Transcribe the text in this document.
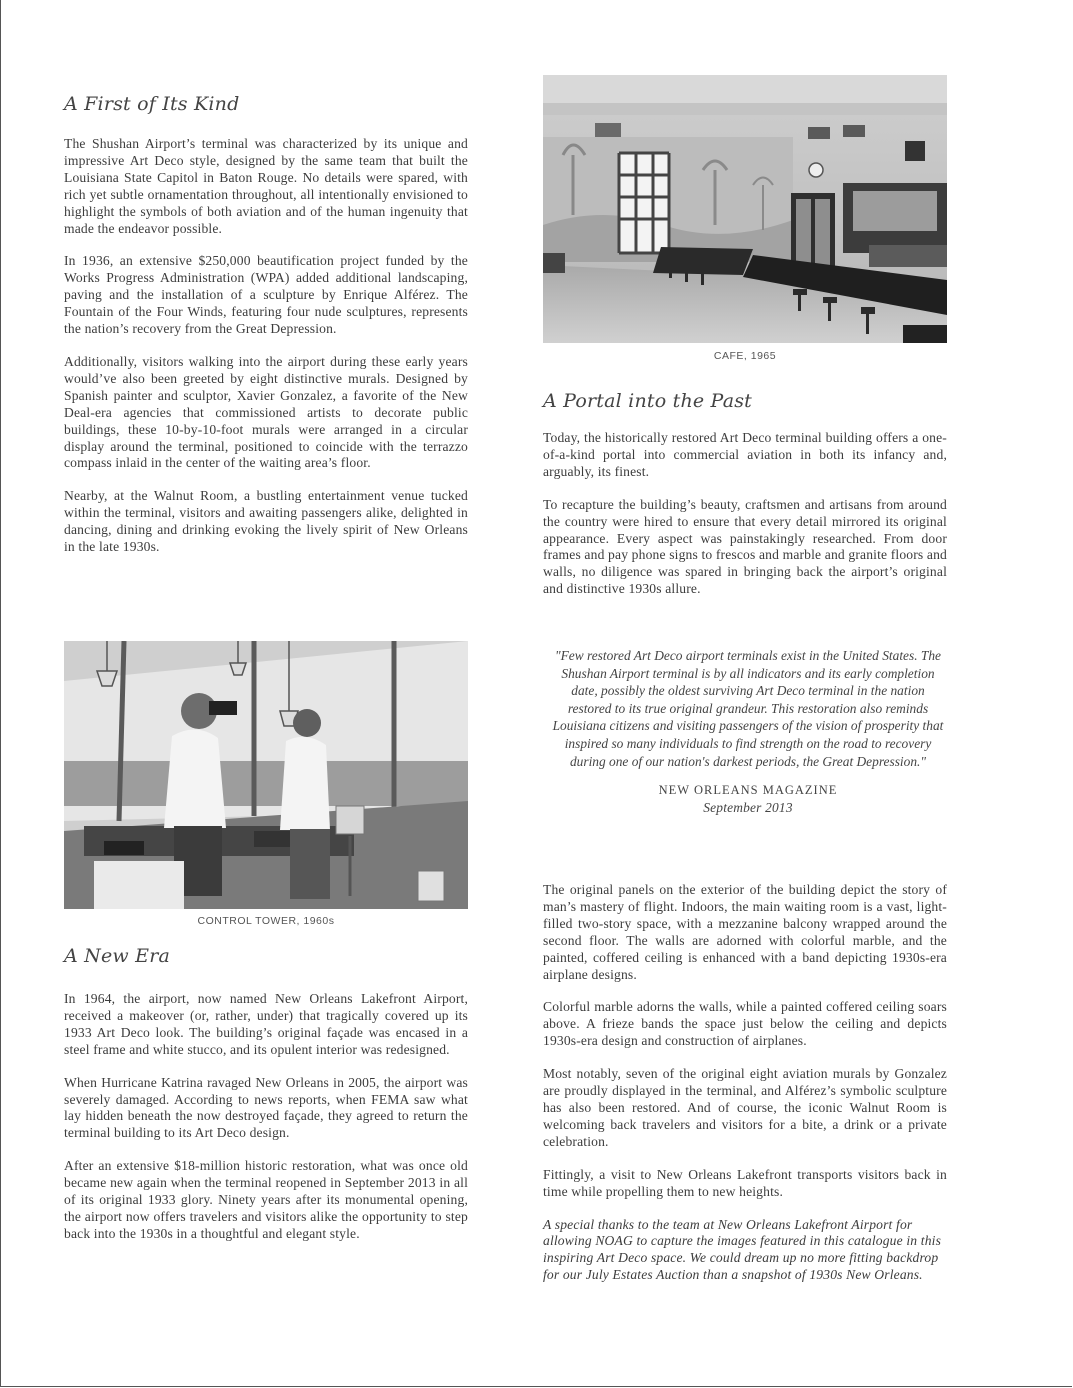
A First of Its Kind

The Shushan Airport’s terminal was characterized by its unique and impressive Art Deco style, designed by the same team that built the Louisiana State Capitol in Baton Rouge. No details were spared, with rich yet subtle ornamentation throughout, all intentionally envisioned to highlight the symbols of both aviation and of the human ingenuity that made the endeavor possible.

In 1936, an extensive $250,000 beautification project funded by the Works Progress Administration (WPA) added additional landscaping, paving and the installation of a sculpture by Enrique Alférez. The Fountain of the Four Winds, featuring four nude sculptures, represents the nation’s recovery from the Great Depression.

Additionally, visitors walking into the airport during these early years would’ve also been greeted by eight distinctive murals. Designed by Spanish painter and sculptor, Xavier Gonzalez, a favorite of the New Deal-era agencies that commissioned artists to decorate public buildings, these 10-by-10-foot murals were arranged in a circular display around the terminal, positioned to coincide with the terrazzo compass inlaid in the center of the waiting area’s floor.

Nearby, at the Walnut Room, a bustling entertainment venue tucked within the terminal, visitors and awaiting passengers alike, delighted in dancing, dining and drinking evoking the lively spirit of New Orleans in the late 1930s.

CAFE, 1965
A Portal into the Past

Today, the historically restored Art Deco terminal building offers a one-of-a-kind portal into commercial aviation in both its infancy and, arguably, its finest.

To recapture the building’s beauty, craftsmen and artisans from around the country were hired to ensure that every detail mirrored its original appearance. Every aspect was painstakingly researched. From door frames and pay phone signs to frescos and marble and granite floors and walls, no diligence was spared in bringing back the airport’s original and distinctive 1930s allure.

CONTROL TOWER, 1960s
"Few restored Art Deco airport terminals exist in the United States. The Shushan Airport terminal is by all indicators and its early completion date, possibly the oldest surviving Art Deco terminal in the nation restored to its true original grandeur. This restoration also reminds Louisiana citizens and visiting passengers of the vision of prosperity that inspired so many individuals to find strength on the road to recovery during one of our nation's darkest periods, the Great Depression."
NEW ORLEANS MAGAZINE
September 2013
A New Era

In 1964, the airport, now named New Orleans Lakefront Airport, received a makeover (or, rather, under) that tragically covered up its 1933 Art Deco look. The building’s original façade was encased in a steel frame and white stucco, and its opulent interior was redesigned.

When Hurricane Katrina ravaged New Orleans in 2005, the airport was severely damaged. According to news reports, when FEMA saw what lay hidden beneath the now destroyed façade, they agreed to return the terminal building to its Art Deco design.

After an extensive $18-million historic restoration, what was once old became new again when the terminal reopened in September 2013 in all of its original 1933 glory. Ninety years after its monumental opening, the airport now offers travelers and visitors alike the opportunity to step back into the 1930s in a thoughtful and elegant style.

The original panels on the exterior of the building depict the story of man’s mastery of flight. Indoors, the main waiting room is a vast, light-filled two-story space, with a mezzanine balcony wrapped around the second floor. The walls are adorned with colorful marble, and the painted, coffered ceiling is enhanced with a band depicting 1930s-era airplane designs.

Colorful marble adorns the walls, while a painted coffered ceiling soars above. A frieze bands the space just below the ceiling and depicts 1930s-era design and construction of airplanes.

Most notably, seven of the original eight aviation murals by Gonzalez are proudly displayed in the terminal, and Alférez’s symbolic sculpture has also been restored. And of course, the iconic Walnut Room is welcoming back travelers and visitors for a bite, a drink or a private celebration.

Fittingly, a visit to New Orleans Lakefront transports visitors back in time while propelling them to new heights.

A special thanks to the team at New Orleans Lakefront Airport for allowing NOAG to capture the images featured in this catalogue in this inspiring Art Deco space. We could dream up no more fitting backdrop for our July Estates Auction than a snapshot of 1930s New Orleans.
